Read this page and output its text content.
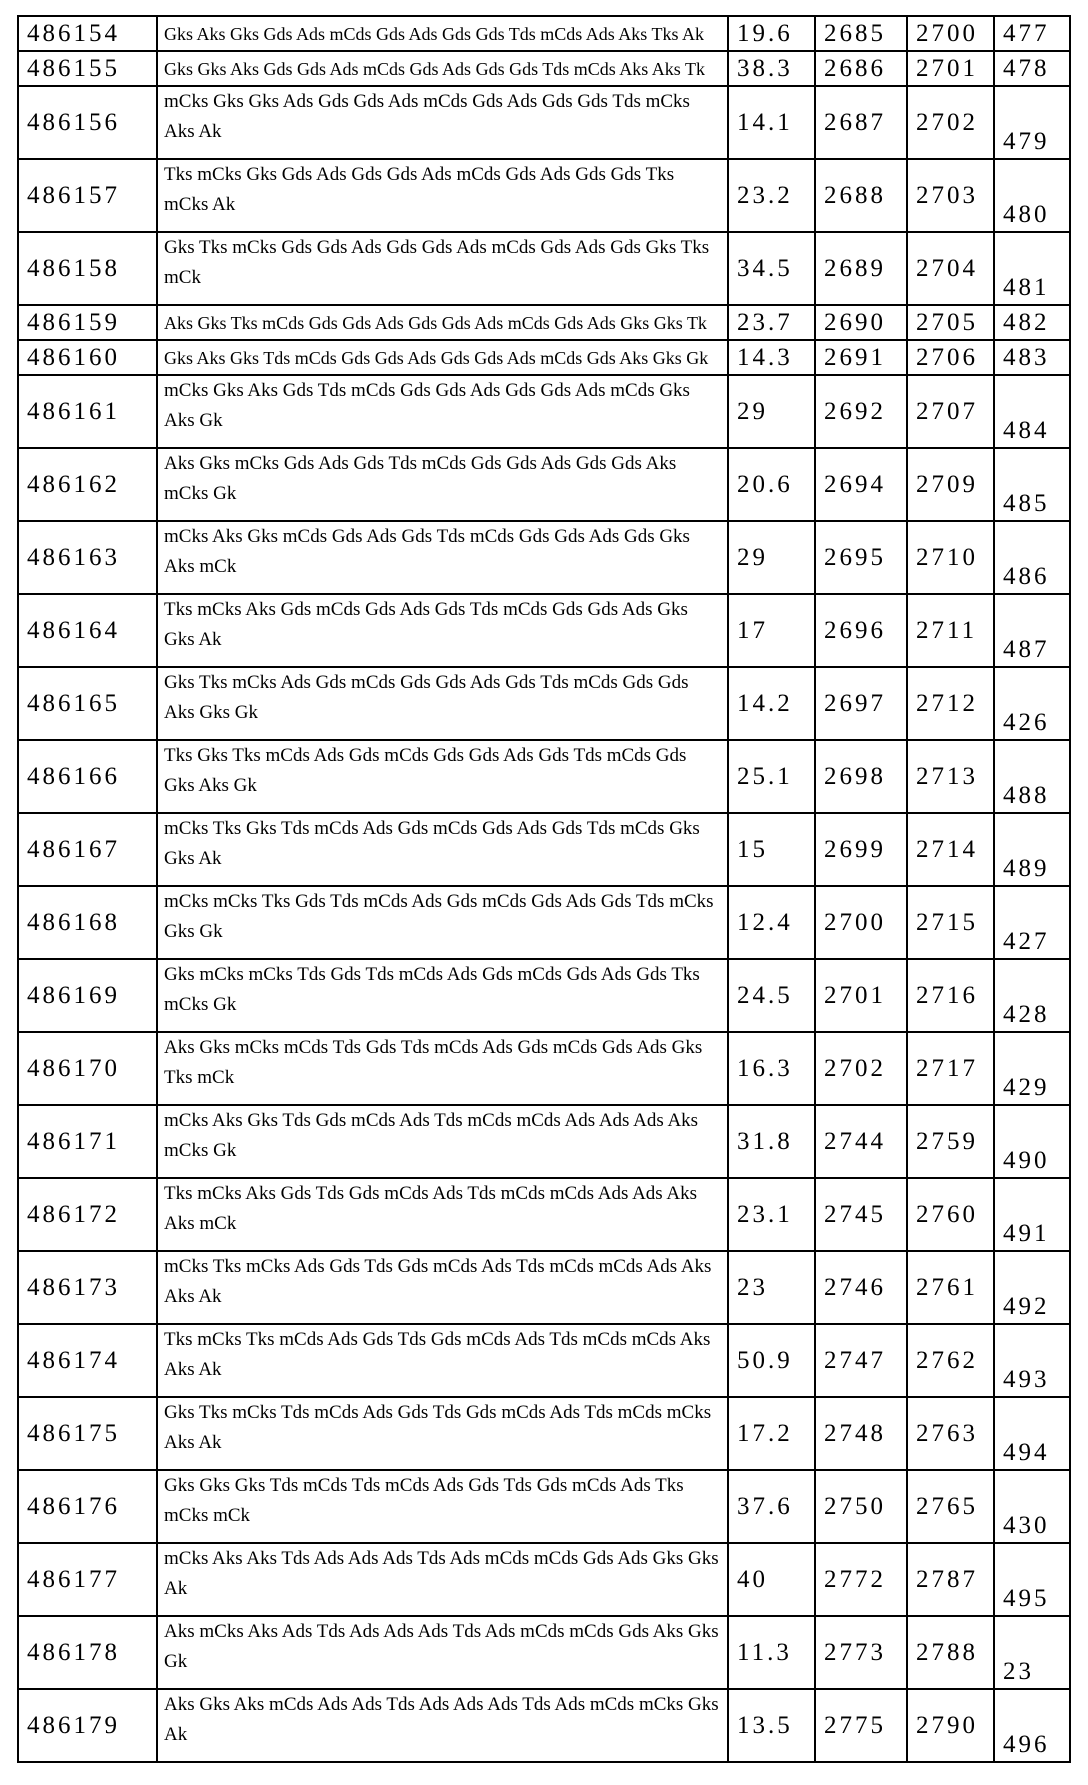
486154	Gks Aks Gks Gds Ads mCds Gds Ads Gds Gds Tds mCds Ads Aks Tks Ak	19.6	2685	2700	477
486155	Gks Gks Aks Gds Gds Ads mCds Gds Ads Gds Gds Tds mCds Aks Aks Tk	38.3	2686	2701	478
486156	mCks Gks Gks Ads Gds Gds Ads mCds Gds Ads Gds Gds Tds mCks Aks Ak	14.1	2687	2702	479
486157	Tks mCks Gks Gds Ads Gds Gds Ads mCds Gds Ads Gds Gds Tks mCks Ak	23.2	2688	2703	480
486158	Gks Tks mCks Gds Gds Ads Gds Gds Ads mCds Gds Ads Gds Gks Tks mCk	34.5	2689	2704	481
486159	Aks Gks Tks mCds Gds Gds Ads Gds Gds Ads mCds Gds Ads Gks Gks Tk	23.7	2690	2705	482
486160	Gks Aks Gks Tds mCds Gds Gds Ads Gds Gds Ads mCds Gds Aks Gks Gk	14.3	2691	2706	483
486161	mCks Gks Aks Gds Tds mCds Gds Gds Ads Gds Gds Ads mCds Gks Aks Gk	29	2692	2707	484
486162	Aks Gks mCks Gds Ads Gds Tds mCds Gds Gds Ads Gds Gds Aks mCks Gk	20.6	2694	2709	485
486163	mCks Aks Gks mCds Gds Ads Gds Tds mCds Gds Gds Ads Gds Gks Aks mCk	29	2695	2710	486
486164	Tks mCks Aks Gds mCds Gds Ads Gds Tds mCds Gds Gds Ads Gks Gks Ak	17	2696	2711	487
486165	Gks Tks mCks Ads Gds mCds Gds Gds Ads Gds Tds mCds Gds Gds Aks Gks Gk	14.2	2697	2712	426
486166	Tks Gks Tks mCds Ads Gds mCds Gds Gds Ads Gds Tds mCds Gds Gks Aks Gk	25.1	2698	2713	488
486167	mCks Tks Gks Tds mCds Ads Gds mCds Gds Ads Gds Tds mCds Gks Gks Ak	15	2699	2714	489
486168	mCks mCks Tks Gds Tds mCds Ads Gds mCds Gds Ads Gds Tds mCks Gks Gk	12.4	2700	2715	427
486169	Gks mCks mCks Tds Gds Tds mCds Ads Gds mCds Gds Ads Gds Tks mCks Gk	24.5	2701	2716	428
486170	Aks Gks mCks mCds Tds Gds Tds mCds Ads Gds mCds Gds Ads Gks Tks mCk	16.3	2702	2717	429
486171	mCks Aks Gks Tds Gds mCds Ads Tds mCds mCds Ads Ads Ads Aks mCks Gk	31.8	2744	2759	490
486172	Tks mCks Aks Gds Tds Gds mCds Ads Tds mCds mCds Ads Ads Aks Aks mCk	23.1	2745	2760	491
486173	mCks Tks mCks Ads Gds Tds Gds mCds Ads Tds mCds mCds Ads Aks Aks Ak	23	2746	2761	492
486174	Tks mCks Tks mCds Ads Gds Tds Gds mCds Ads Tds mCds mCds Aks Aks Ak	50.9	2747	2762	493
486175	Gks Tks mCks Tds mCds Ads Gds Tds Gds mCds Ads Tds mCds mCks Aks Ak	17.2	2748	2763	494
486176	Gks Gks Gks Tds mCds Tds mCds Ads Gds Tds Gds mCds Ads Tks mCks mCk	37.6	2750	2765	430
486177	mCks Aks Aks Tds Ads Ads Ads Tds Ads mCds mCds Gds Ads Gks Gks Ak	40	2772	2787	495
486178	Aks mCks Aks Ads Tds Ads Ads Ads Tds Ads mCds mCds Gds Aks Gks Gk	11.3	2773	2788	23
486179	Aks Gks Aks mCds Ads Ads Tds Ads Ads Ads Tds Ads mCds mCks Gks Ak	13.5	2775	2790	496
